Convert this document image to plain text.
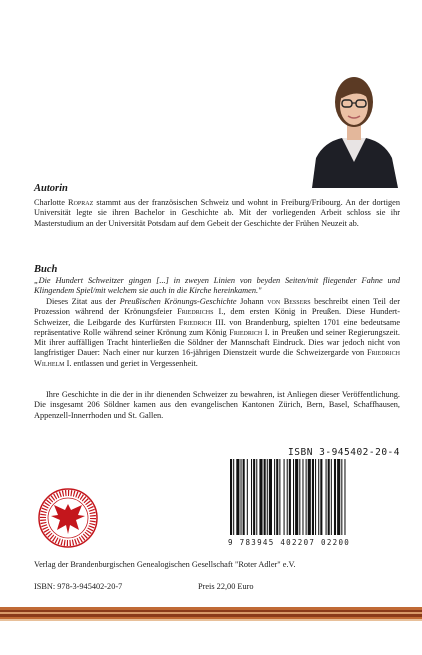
Autorin

Charlotte Ropraz stammt aus der französischen Schweiz und wohnt in Freiburg/Fribourg. An der dortigen Universität legte sie ihren Bachelor in Geschichte ab. Mit der vorliegenden Arbeit schloss sie ihr Masterstudium an der Universität Potsdam auf dem Gebeit der Geschichte der Frühen Neuzeit ab.

Buch

„Die Hundert Schweitzer gingen [...] in zweyen Linien von beyden Seiten/mit fliegender Fahne und Klingendem Spiel/mit welchem sie auch in die Kirche hereinkamen."

Dieses Zitat aus der Preußischen Krönungs-Geschichte Johann von Bessers beschreibt einen Teil der Prozession während der Krönungsfeier Friedrichs I., dem ersten König in Preußen. Diese Hundert-Schweizer, die Leibgarde des Kurfürsten Friedrich III. von Brandenburg, spielten 1701 eine bedeutsame repräsentative Rolle während seiner Krönung zum König Friedrich I. in Preußen und seiner Regierungszeit. Mit ihrer auffälligen Tracht hinterließen die Söldner der Mannschaft Eindruck. Dies war jedoch nicht von langfristiger Dauer: Nach einer nur kurzen 16-jährigen Dienstzeit wurde die Schweizergarde von Friedrich Wilhelm I. entlassen und geriet in Vergessenheit.

Ihre Geschichte in die der in ihr dienenden Schweizer zu bewahren, ist Anliegen dieser Veröffentlichung. Die insgesamt 206 Söldner kamen aus den evangelischen Kantonen Zürich, Bern, Basel, Schaffhausen, Appenzell-Innerrhoden und St. Gallen.

ISBN 3-945402-20-4
9 783945 402207 02200

Verlag der Brandenburgischen Genealogischen Gesellschaft "Roter Adler" e.V.

ISBN: 978-3-945402-20-7	Preis 22,00 Euro
